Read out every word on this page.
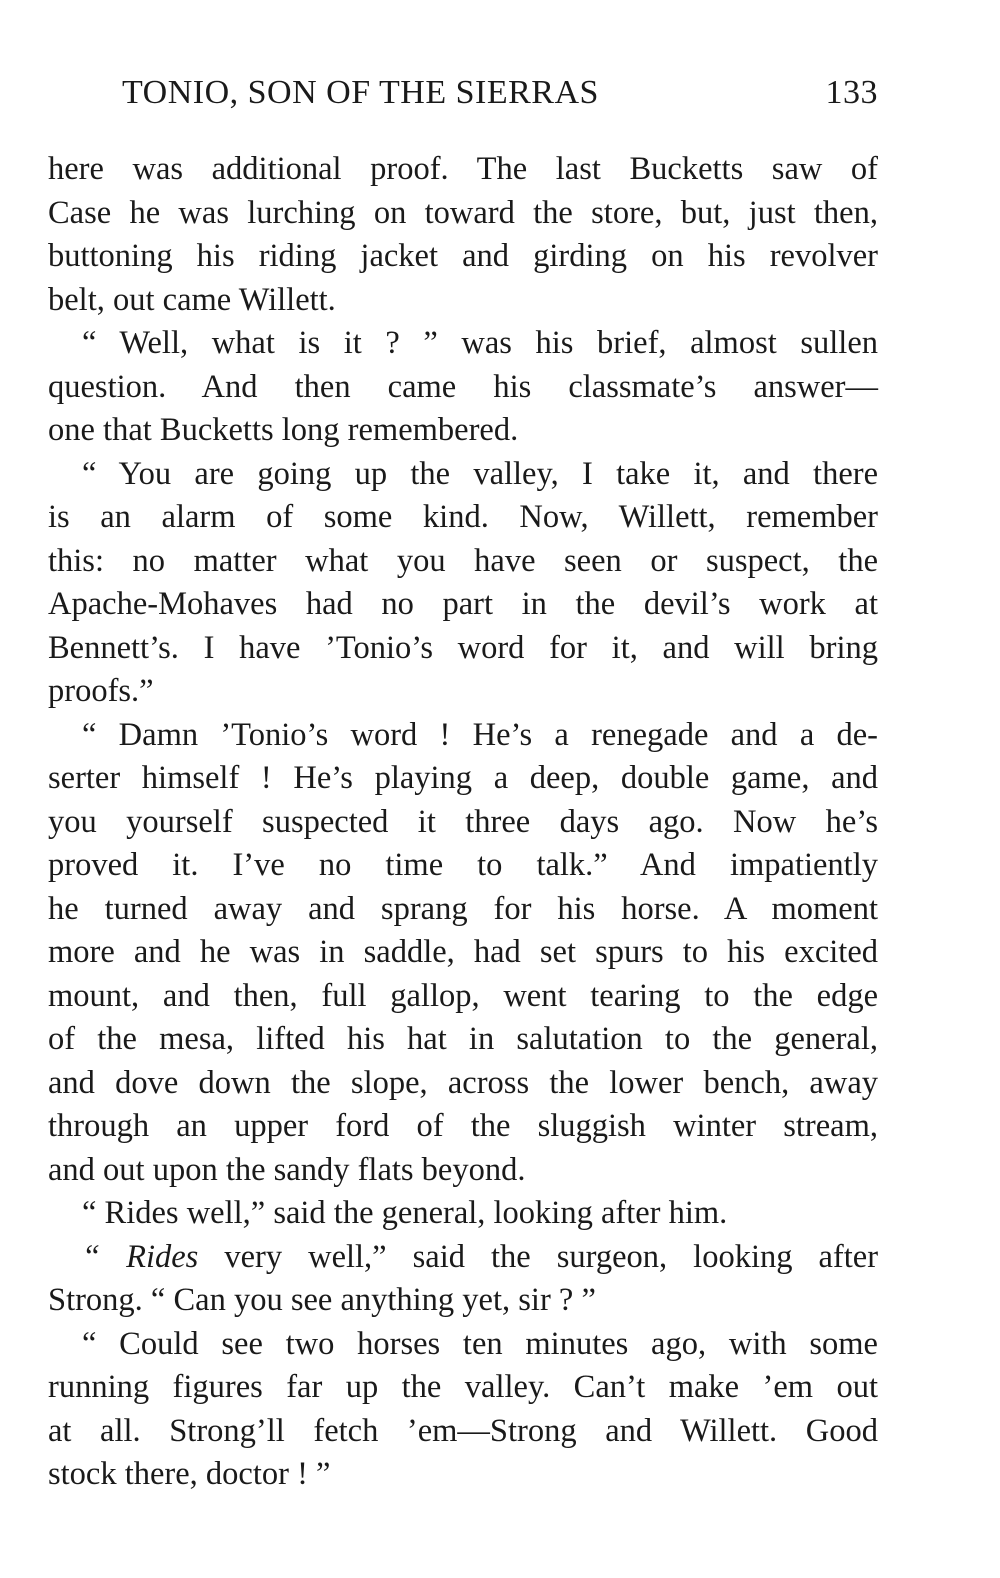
TONIO, SON OF THE SIERRAS	133

here was additional proof. The last Bucketts saw of

Case he was lurching on toward the store, but, just then,

buttoning his riding jacket and girding on his revolver

belt, out came Willett.

“ Well, what is it ? ” was his brief, almost sullen

question. And then came his classmate’s answer—

one that Bucketts long remembered.

“ You are going up the valley, I take it, and there

is an alarm of some kind. Now, Willett, remember

this: no matter what you have seen or suspect, the

Apache-Mohaves had no part in the devil’s work at

Bennett’s. I have ’Tonio’s word for it, and will bring

proofs.”

“ Damn ’Tonio’s word ! He’s a renegade and a de-

serter himself ! He’s playing a deep, double game, and

you yourself suspected it three days ago. Now he’s

proved it. I’ve no time to talk.” And impatiently

he turned away and sprang for his horse. A moment

more and he was in saddle, had set spurs to his excited

mount, and then, full gallop, went tearing to the edge

of the mesa, lifted his hat in salutation to the general,

and dove down the slope, across the lower bench, away

through an upper ford of the sluggish winter stream,

and out upon the sandy flats beyond.

“ Rides well,” said the general, looking after him.

“ Rides very well,” said the surgeon, looking after

Strong. “ Can you see anything yet, sir ? ”

“ Could see two horses ten minutes ago, with some

running figures far up the valley. Can’t make ’em out

at all. Strong’ll fetch ’em—Strong and Willett. Good

stock there, doctor ! ”
